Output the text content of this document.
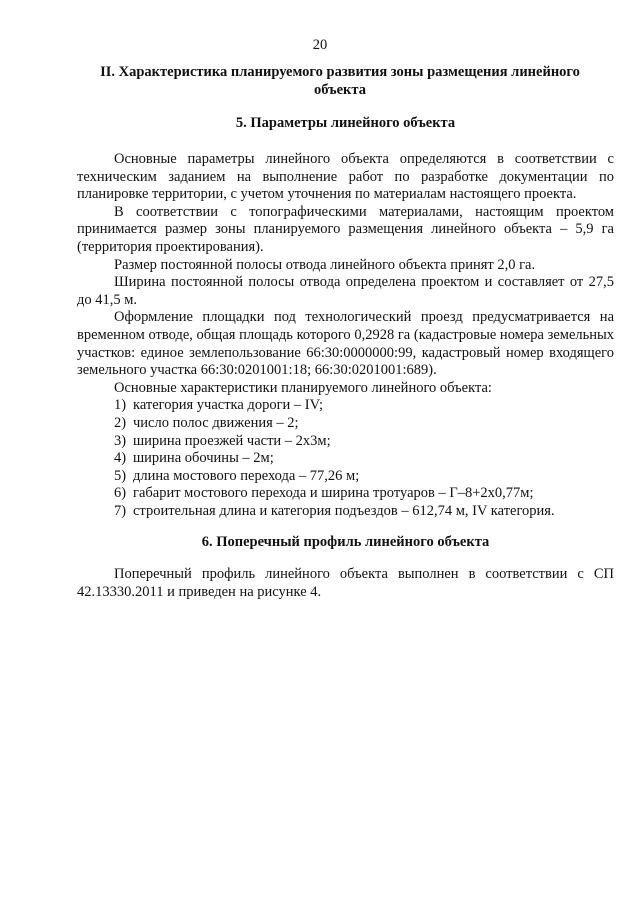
20
II. Характеристика планируемого развития зоны размещения линейного объекта
5. Параметры линейного объекта

Основные параметры линейного объекта определяются в соответствии с техническим заданием на выполнение работ по разработке документации по планировке территории, с учетом уточнения по материалам настоящего проекта.

В соответствии с топографическими материалами, настоящим проектом принимается размер зоны планируемого размещения линейного объекта – 5,9 га (территория проектирования).

Размер постоянной полосы отвода линейного объекта принят 2,0 га.

Ширина постоянной полосы отвода определена проектом и составляет от 27,5 до 41,5 м.

Оформление площадки под технологический проезд предусматривается на временном отводе, общая площадь которого 0,2928 га (кадастровые номера земельных участков: единое землепользование 66:30:0000000:99, кадастровый номер входящего земельного участка 66:30:0201001:18; 66:30:0201001:689).

Основные характеристики планируемого линейного объекта:

1) категория участка дороги – IV;
2) число полос движения – 2;
3) ширина проезжей части – 2х3м;
4) ширина обочины – 2м;
5) длина мостового перехода – 77,26 м;
6) габарит мостового перехода и ширина тротуаров – Г–8+2х0,77м;
7) строительная длина и категория подъездов – 612,74 м, IV категория.
6. Поперечный профиль линейного объекта

Поперечный профиль линейного объекта выполнен в соответствии с СП 42.13330.2011 и приведен на рисунке 4.
